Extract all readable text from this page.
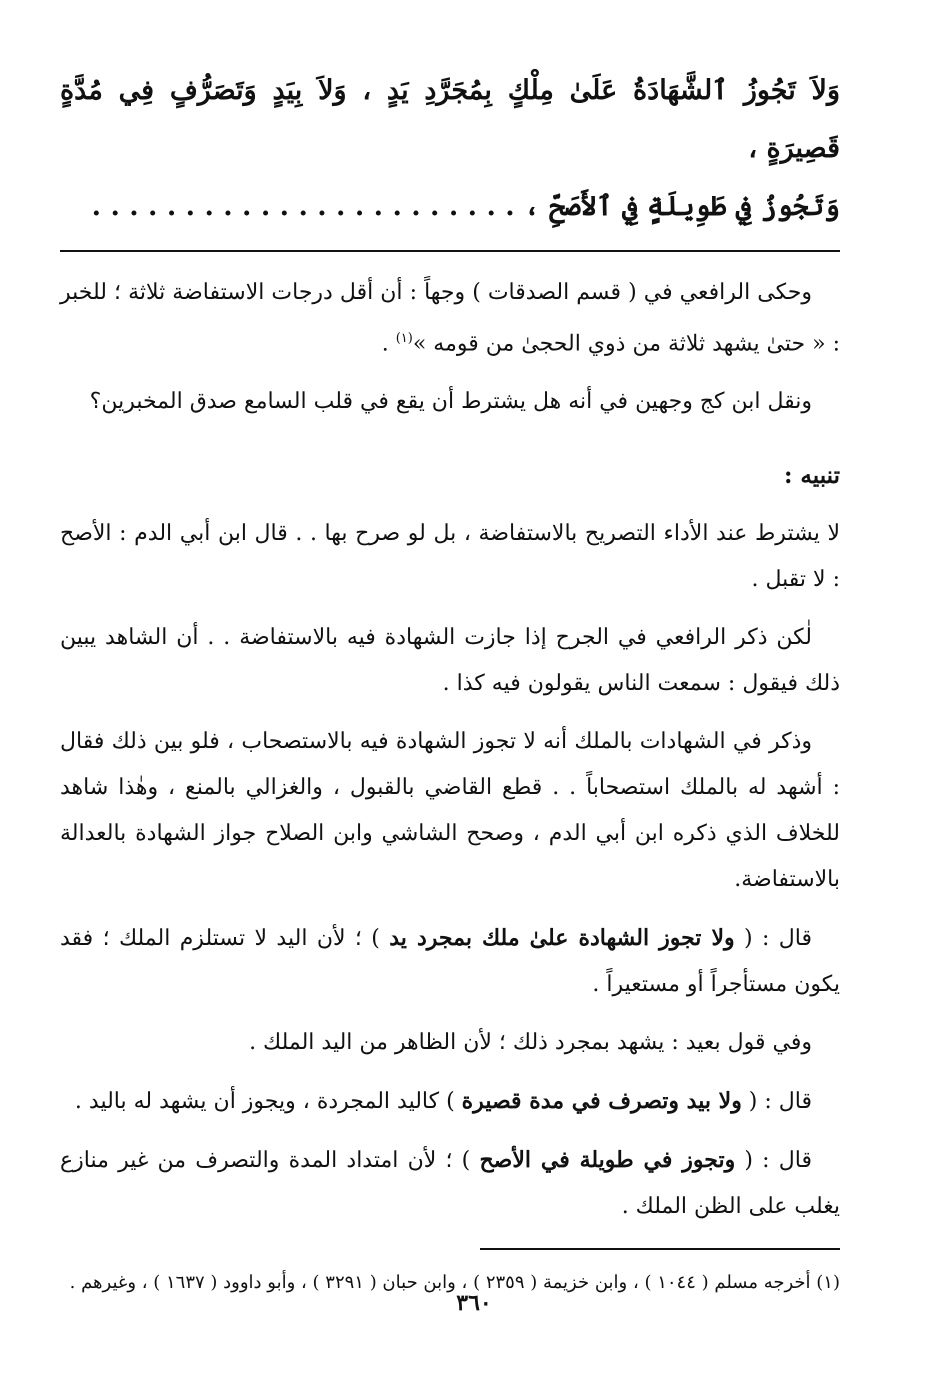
وَلاَ تَجُوزُ ٱلشَّهَادَةُ عَلَىٰ مِلْكٍ بِمُجَرَّدِ يَدٍ ، وَلاَ بِيَدٍ وَتَصَرُّفٍ فِي مُدَّةٍ قَصِيرَةٍ ،

وَتَجُوزُ فِي طَوِيلَةٍ فِي ٱلأَصَحِّ ، . . . . . . . . . . . . . . . . . . . . . . .

وحكى الرافعي في ( قسم الصدقات ) وجهاً : أن أقل درجات الاستفاضة ثلاثة ؛ للخبر : « حتىٰ يشهد ثلاثة من ذوي الحجىٰ من قومه »$^{(١)}$ .

ونقل ابن كج وجهين في أنه هل يشترط أن يقع في قلب السامع صدق المخبرين؟

تنبيه :

لا يشترط عند الأداء التصريح بالاستفاضة ، بل لو صرح بها . . قال ابن أبي الدم : الأصح : لا تقبل .

لٰكن ذكر الرافعي في الجرح إذا جازت الشهادة فيه بالاستفاضة . . أن الشاهد يبين ذلك فيقول : سمعت الناس يقولون فيه كذا .

وذكر في الشهادات بالملك أنه لا تجوز الشهادة فيه بالاستصحاب ، فلو بين ذلك فقال : أشهد له بالملك استصحاباً . . قطع القاضي بالقبول ، والغزالي بالمنع ، وهٰذا شاهد للخلاف الذي ذكره ابن أبي الدم ، وصحح الشاشي وابن الصلاح جواز الشهادة بالعدالة بالاستفاضة.

قال : ( ولا تجوز الشهادة علىٰ ملك بمجرد يد ) ؛ لأن اليد لا تستلزم الملك ؛ فقد يكون مستأجراً أو مستعيراً .

وفي قول بعيد : يشهد بمجرد ذلك ؛ لأن الظاهر من اليد الملك .

قال : ( ولا بيد وتصرف في مدة قصيرة ) كاليد المجردة ، ويجوز أن يشهد له باليد .

قال : ( وتجوز في طويلة في الأصح ) ؛ لأن امتداد المدة والتصرف من غير منازع يغلب على الظن الملك .

(١) أخرجه مسلم ( ١٠٤٤ ) ، وابن خزيمة ( ٢٣٥٩ ) ، وابن حبان ( ٣٢٩١ ) ، وأبو داوود ( ١٦٣٧ ) ، وغيرهم .

٣٦٠
